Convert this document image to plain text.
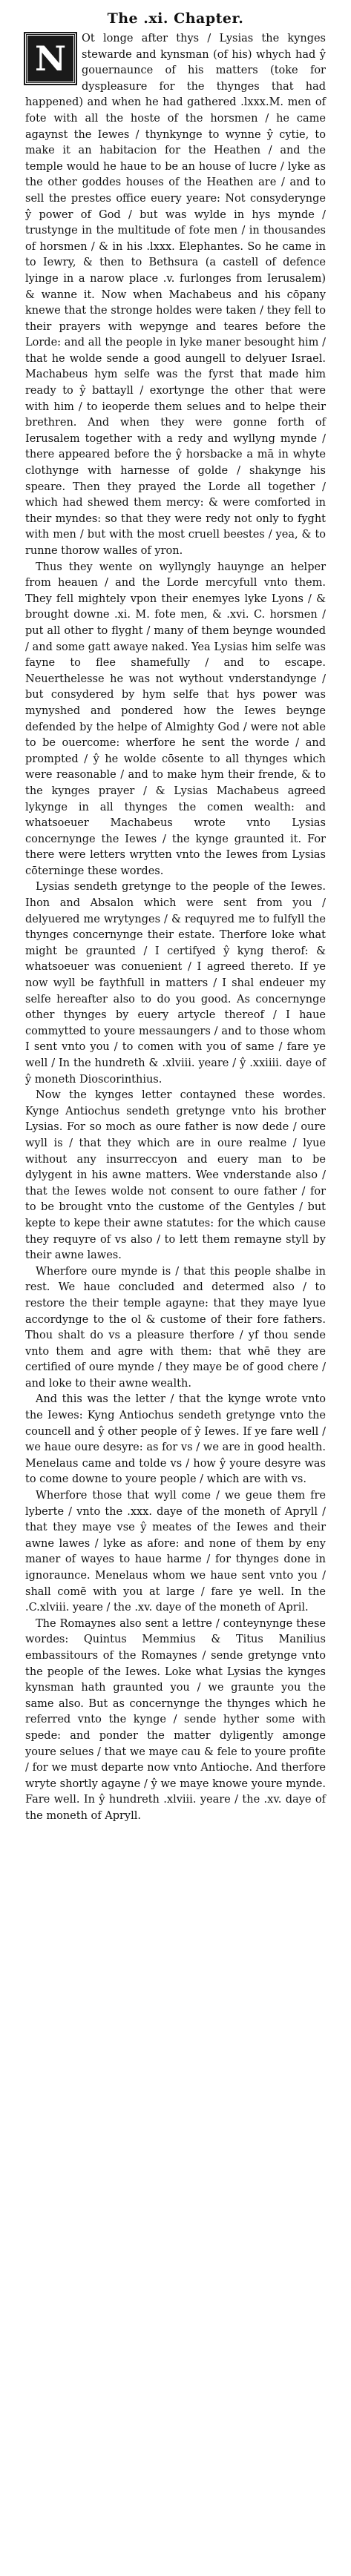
The .xi. Chapter.
N	Ot longe after thys / Lysias the kynges stewarde and kynsman (of his) whych had ŷ gouernaunce of his matters (toke for dyspleasure for the thynges that had happened) and when he had gathered .lxxx.M. men of fote with all the hoste of the horsmen / he came agaynst the Iewes / thynkynge to wynne ŷ cytie, to make it an habitacion for the Heathen / and the temple would he haue to be an house of lucre / lyke as the other goddes houses of the Heathen are / and to sell the prestes office euery yeare: Not consyderynge ŷ power of God / but was wylde in hys mynde / trustynge in the multitude of fote men / in thousandes of horsmen / & in his .lxxx. Elephantes. So he came in to Iewry, & then to Bethsura (a castell of defence lyinge in a narow place .v. furlonges from Ierusalem) & wanne it. Now when Machabeus and his cōpany knewe that the stronge holdes were taken / they fell to their prayers with wepynge and teares before the Lorde: and all the people in lyke maner besought him / that he wolde sende a good aungell to delyuer Israel. Machabeus hym selfe was the fyrst that made him ready to ŷ battayll / exortynge the other that were with him / to ieoperde them selues and to helpe their brethren. And when they were gonne forth of Ierusalem together with a redy and wyllyng mynde / there appeared before the ŷ horsbacke a mā in whyte clothynge with harnesse of golde / shakynge his speare. Then they prayed the Lorde all together / which had shewed them mercy: & were comforted in their myndes: so that they were redy not only to fyght with men / but with the most cruell beestes / yea, & to runne thorow walles of yron.

Thus they wente on wyllyngly hauynge an helper from heauen / and the Lorde mercyfull vnto them. They fell mightely vpon their enemyes lyke Lyons / & brought downe .xi. M. fote men, & .xvi. C. horsmen / put all other to flyght / many of them beynge wounded / and some gatt awaye naked. Yea Lysias him selfe was fayne to flee shamefully / and to escape. Neuerthelesse he was not wythout vnderstandynge / but consydered by hym selfe that hys power was mynyshed and pondered how the Iewes beynge defended by the helpe of Almighty God / were not able to be ouercome: wherfore he sent the worde / and prompted / ŷ he wolde cōsente to all thynges which were reasonable / and to make hym their frende, & to the kynges prayer / & Lysias Machabeus agreed lykynge in all thynges the comen wealth: and whatsoeuer Machabeus wrote vnto Lysias concernynge the Iewes / the kynge graunted it. For there were letters wrytten vnto the Iewes from Lysias cōterninge these wordes.

Lysias sendeth gretynge to the people of the Iewes. Ihon and Absalon which were sent from you / delyuered me wrytynges / & requyred me to fulfyll the thynges concernynge their estate. Therfore loke what might be graunted / I certifyed ŷ kyng therof: & whatsoeuer was conuenient / I agreed thereto. If ye now wyll be faythfull in matters / I shal endeuer my selfe hereafter also to do you good. As concernynge other thynges by euery artycle thereof / I haue commytted to youre messaungers / and to those whom I sent vnto you / to comen with you of same / fare ye well / In the hundreth & .xlviii. yeare / ŷ .xxiiii. daye of ŷ moneth Dioscorinthius.

Now the kynges letter contayned these wordes. Kynge Antiochus sendeth gretynge vnto his brother Lysias. For so moch as oure father is now dede / oure wyll is / that they which are in oure realme / lyue without any insurreccyon and euery man to be dylygent in his awne matters. Wee vnderstande also / that the Iewes wolde not consent to oure father / for to be brought vnto the custome of the Gentyles / but kepte to kepe their awne statutes: for the which cause they requyre of vs also / to lett them remayne styll by their awne lawes.

Wherfore oure mynde is / that this people shalbe in rest. We haue concluded and determed also / to restore the their temple agayne: that they maye lyue accordynge to the ol & custome of their fore fathers. Thou shalt do vs a pleasure therfore / yf thou sende vnto them and agre with them: that whē they are certified of oure mynde / they maye be of good chere / and loke to their awne wealth.

And this was the letter / that the kynge wrote vnto the Iewes: Kyng Antiochus sendeth gretynge vnto the councell and ŷ other people of ŷ Iewes. If ye fare well / we haue oure desyre: as for vs / we are in good health. Menelaus came and tolde vs / how ŷ youre desyre was to come downe to youre people / which are with vs.

Wherfore those that wyll come / we geue them fre lyberte / vnto the .xxx. daye of the moneth of Apryll / that they maye vse ŷ meates of the Iewes and their awne lawes / lyke as afore: and none of them by eny maner of wayes to haue harme / for thynges done in ignoraunce. Menelaus whom we haue sent vnto you / shall comē with you at large / fare ye well. In the .C.xlviii. yeare / the .xv. daye of the moneth of April.

The Romaynes also sent a lettre / conteynynge these wordes: Quintus Memmius & Titus Manilius embassitours of the Romaynes / sende gretynge vnto the people of the Iewes. Loke what Lysias the kynges kynsman hath graunted you / we graunte you the same also. But as concernynge the thynges which he referred vnto the kynge / sende hyther some with spede: and ponder the matter dyligently amonge youre selues / that we maye cau & fele to youre profite / for we must departe now vnto Antioche. And therfore wryte shortly agayne / ŷ we maye knowe youre mynde. Fare well. In ŷ hundreth .xlviii. yeare / the .xv. daye of the moneth of Apryll.
